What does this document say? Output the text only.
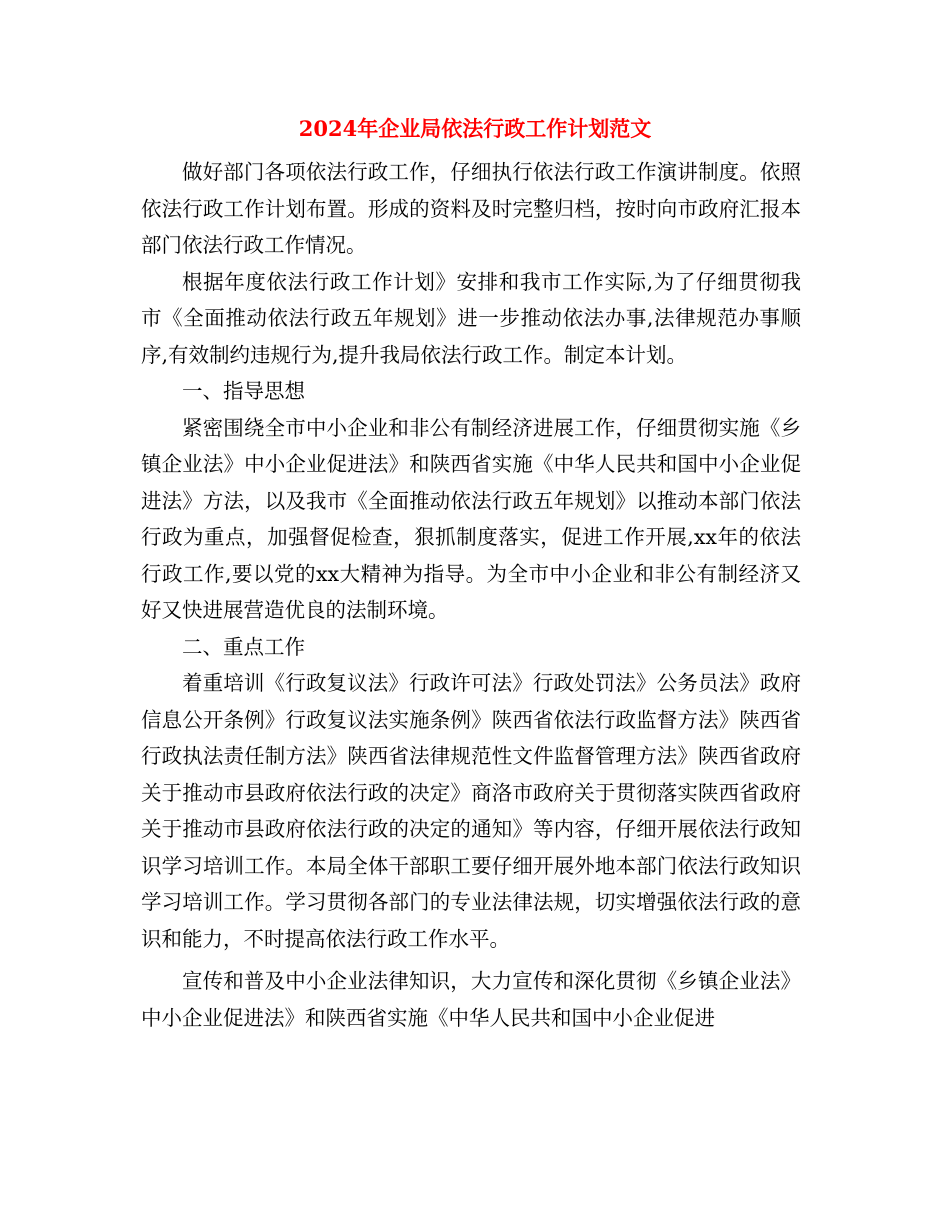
2024年企业局依法行政工作计划范文

做好部门各项依法行政工作，仔细执行依法行政工作演讲制度。依照依法行政工作计划布置。形成的资料及时完整归档，按时向市政府汇报本部门依法行政工作情况。

根据年度依法行政工作计划》安排和我市工作实际,为了仔细贯彻我市《全面推动依法行政五年规划》进一步推动依法办事,法律规范办事顺序,有效制约违规行为,提升我局依法行政工作。制定本计划。

一、指导思想

紧密围绕全市中小企业和非公有制经济进展工作，仔细贯彻实施《乡镇企业法》中小企业促进法》和陕西省实施《中华人民共和国中小企业促进法》方法，以及我市《全面推动依法行政五年规划》以推动本部门依法行政为重点，加强督促检查，狠抓制度落实，促进工作开展,xx年的依法行政工作,要以党的xx大精神为指导。为全市中小企业和非公有制经济又好又快进展营造优良的法制环境。

二、重点工作

着重培训《行政复议法》行政许可法》行政处罚法》公务员法》政府信息公开条例》行政复议法实施条例》陕西省依法行政监督方法》陕西省行政执法责任制方法》陕西省法律规范性文件监督管理方法》陕西省政府关于推动市县政府依法行政的决定》商洛市政府关于贯彻落实陕西省政府关于推动市县政府依法行政的决定的通知》等内容，仔细开展依法行政知识学习培训工作。本局全体干部职工要仔细开展外地本部门依法行政知识学习培训工作。学习贯彻各部门的专业法律法规，切实增强依法行政的意识和能力，不时提高依法行政工作水平。

宣传和普及中小企业法律知识，大力宣传和深化贯彻《乡镇企业法》中小企业促进法》和陕西省实施《中华人民共和国中小企业促进
